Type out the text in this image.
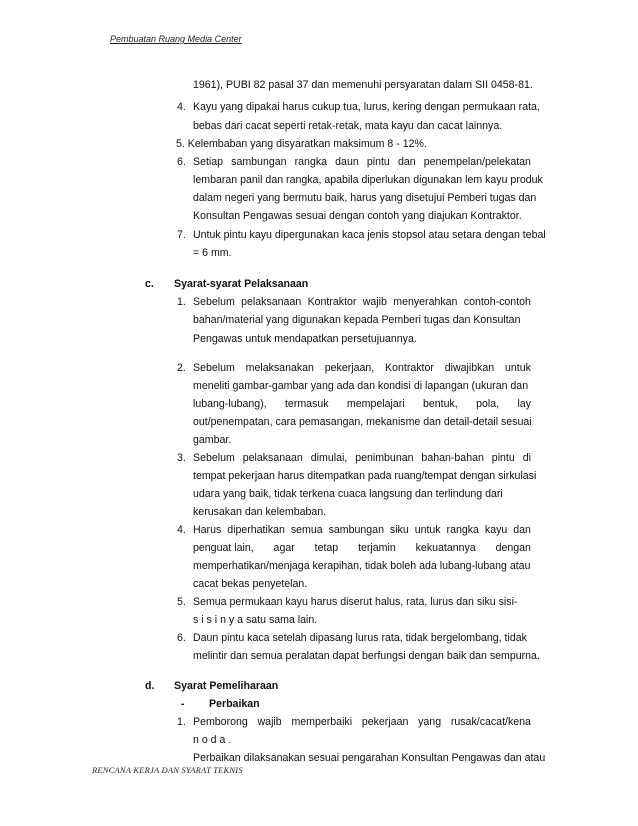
Pembuatan Ruang Media Center
1961), PUBI 82 pasal 37 dan memenuhi persyaratan dalam SII 0458-81.
4. Kayu yang dipakai harus cukup tua, lurus, kering dengan permukaan rata,
bebas dari cacat seperti retak-retak, mata kayu dan cacat lainnya.
5. Kelembaban yang disyaratkan maksimum 8 - 12%.
6. Setiap sambungan rangka daun pintu dan penempelan/pelekatan
lembaran panil dan rangka, apabila diperlukan digunakan lem kayu produk
dalam negeri yang bermutu baik, harus yang disetujui Pemberi tugas dan
Konsultan Pengawas sesuai dengan contoh yang diajukan Kontraktor.
7. Untuk pintu kayu dipergunakan kaca jenis stopsol atau setara dengan tebal
= 6 mm.
c. Syarat-syarat Pelaksanaan
1. Sebelum pelaksanaan Kontraktor wajib menyerahkan contoh-contoh
bahan/material yang digunakan kepada Pemberi tugas dan Konsultan
Pengawas untuk mendapatkan persetujuannya.
2. Sebelum melaksanakan pekerjaan, Kontraktor diwajibkan untuk
meneliti gambar-gambar yang ada dan kondisi di lapangan (ukuran dan
lubang-lubang), termasuk mempelajari bentuk, pola, lay
out/penempatan, cara pemasangan, mekanisme dan detail-detail sesuai
gambar.
3. Sebelum pelaksanaan dimulai, penimbunan bahan-bahan pintu di
tempat pekerjaan harus ditempatkan pada ruang/tempat dengan sirkulasi
udara yang baik, tidak terkena cuaca langsung dan terlindung dari
kerusakan dan kelembaban.
4. Harus diperhatikan semua sambungan siku untuk rangka kayu dan
penguat lain, agar tetap terjamin kekuatannya dengan
memperhatikan/menjaga kerapihan, tidak boleh ada lubang-lubang atau
cacat bekas penyetelan.
5. Semua permukaan kayu harus diserut halus, rata, lurus dan siku sisi-
s i s i n y a satu sama lain.
6. Daun pintu kaca setelah dipasang lurus rata, tidak bergelombang, tidak
melintir dan semua peralatan dapat berfungsi dengan baik dan sempurna.
d. Syarat Pemeliharaan
- Perbaikan
1. Pemborong wajib memperbaiki pekerjaan yang rusak/cacat/kena
n o d a .
Perbaikan dilaksanakan sesuai pengarahan Konsultan Pengawas dan atau
RENCANA KERJA DAN SYARAT TEKNIS
